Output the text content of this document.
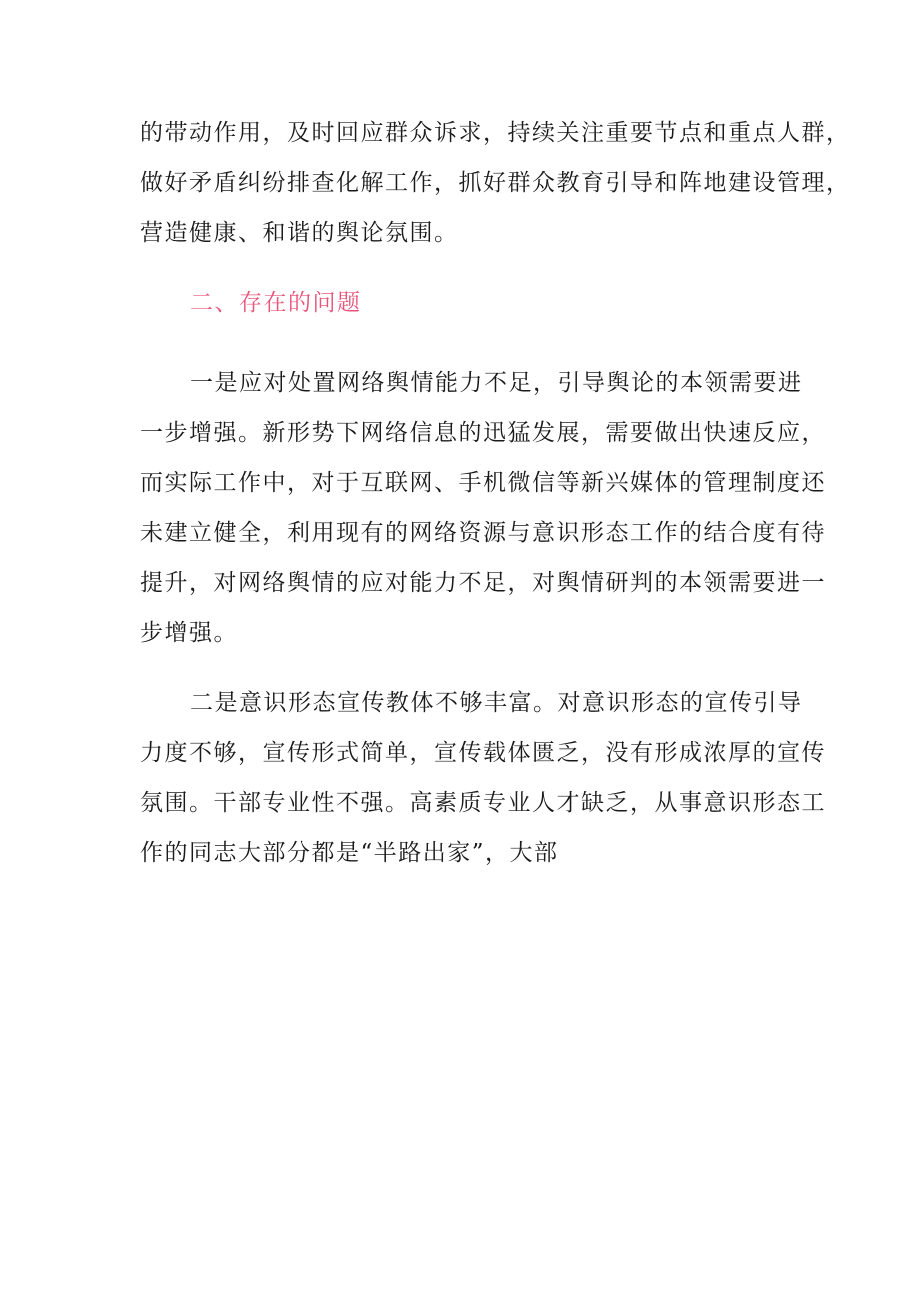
的带动作用，及时回应群众诉求，持续关注重要节点和重点人群，
做好矛盾纠纷排查化解工作，抓好群众教育引导和阵地建设管理，
营造健康、和谐的舆论氛围。
二、存在的问题
一是应对处置网络舆情能力不足，引导舆论的本领需要进
一步增强。新形势下网络信息的迅猛发展，需要做出快速反应，
而实际工作中，对于互联网、手机微信等新兴媒体的管理制度还
未建立健全，利用现有的网络资源与意识形态工作的结合度有待
提升，对网络舆情的应对能力不足，对舆情研判的本领需要进一
步增强。
二是意识形态宣传教体不够丰富。对意识形态的宣传引导
力度不够，宣传形式简单，宣传载体匮乏，没有形成浓厚的宣传
氛围。干部专业性不强。高素质专业人才缺乏，从事意识形态工
作的同志大部分都是“半路出家”，大部
